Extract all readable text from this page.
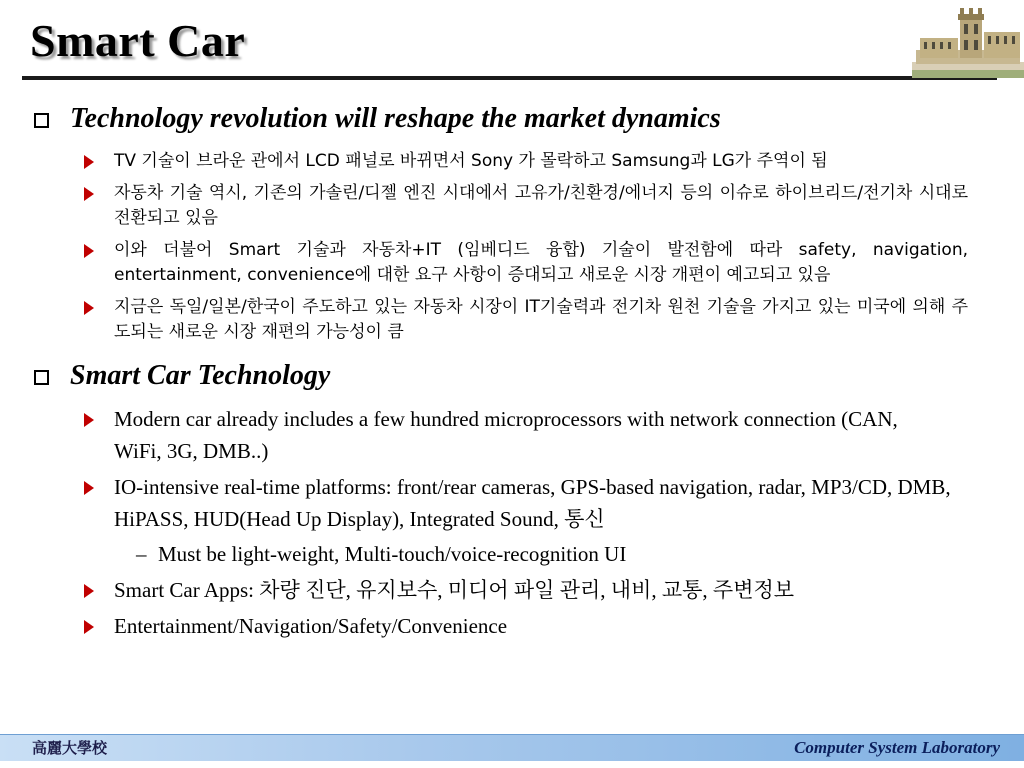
Smart Car
Technology revolution will reshape the market dynamics
TV 기술이 브라운 관에서 LCD 패널로 바뀌면서 Sony 가 몰락하고 Samsung과 LG가 주역이 됨
자동차 기술 역시, 기존의 가솔린/디젤 엔진 시대에서 고유가/친환경/에너지 등의 이슈로 하이브리드/전기차 시대로 전환되고 있음
이와 더불어 Smart 기술과 자동차+IT (임베디드 융합) 기술이 발전함에 따라 safety, navigation, entertainment, convenience에 대한 요구 사항이 증대되고 새로운 시장 개편이 예고되고 있음
지금은 독일/일본/한국이 주도하고 있는 자동차 시장이 IT기술력과 전기차 원천 기술을 가지고 있는 미국에 의해 주도되는 새로운 시장 재편의 가능성이 큼
Smart Car Technology
Modern car already includes a few hundred microprocessors with network connection (CAN, WiFi, 3G, DMB..)
IO-intensive real-time platforms: front/rear cameras, GPS-based navigation, radar, MP3/CD, DMB, HiPASS, HUD(Head Up Display), Integrated Sound, 통신
– Must be light-weight, Multi-touch/voice-recognition UI
Smart Car Apps: 차량 진단, 유지보수, 미디어 파일 관리, 내비, 교통, 주변정보
Entertainment/Navigation/Safety/Convenience
高麗大學校	Computer System Laboratory
